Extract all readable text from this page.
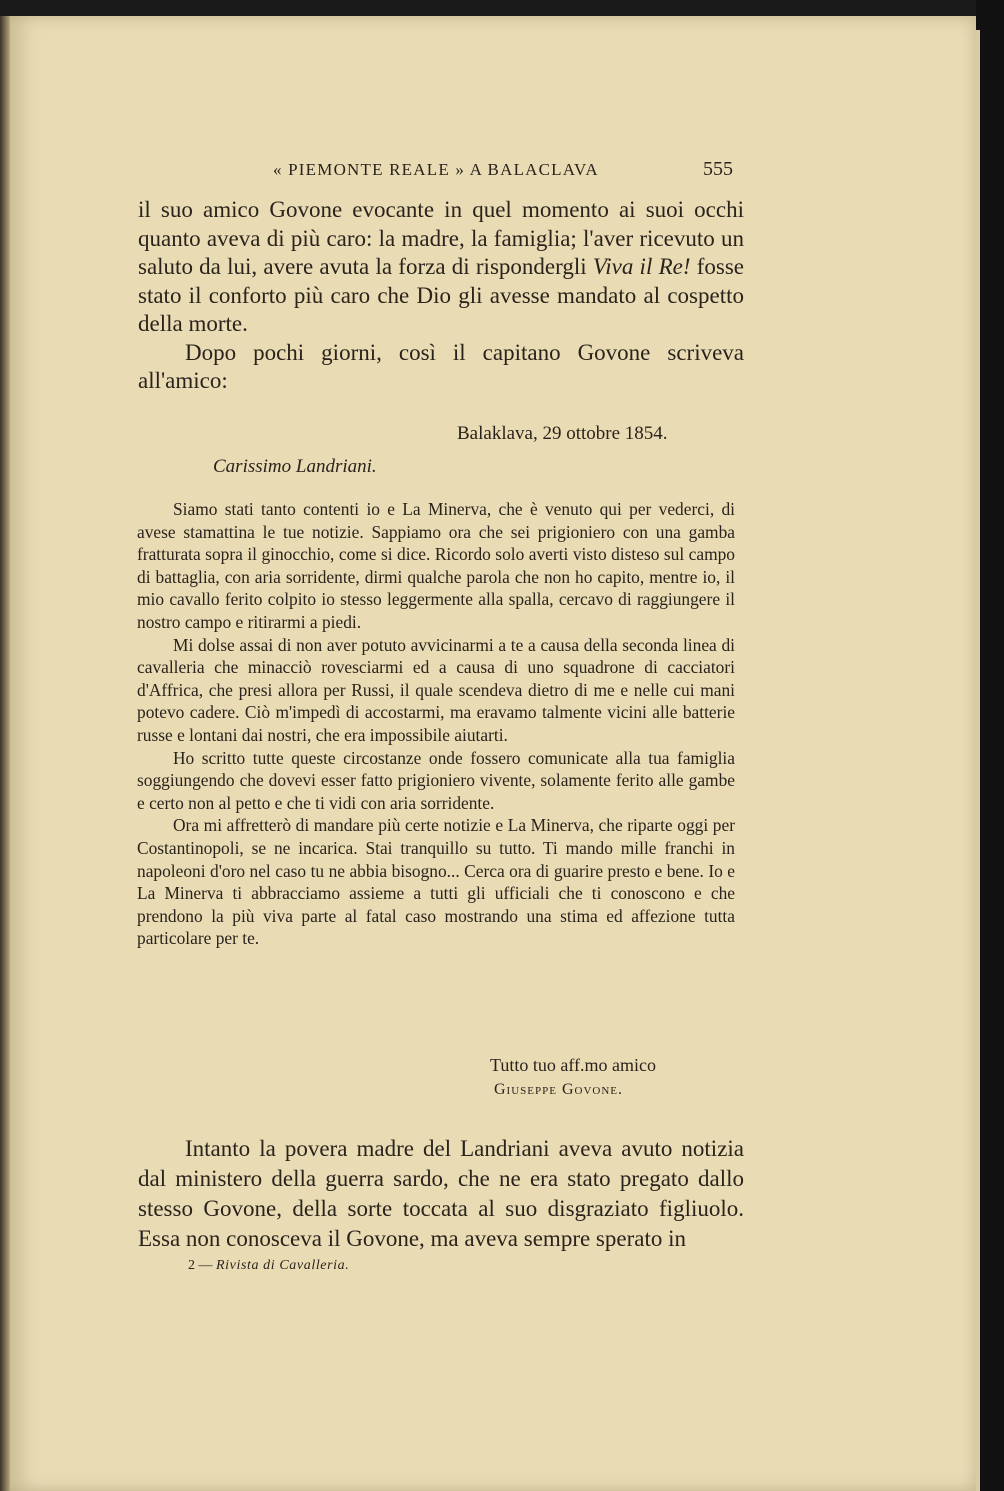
« PIEMONTE REALE » A BALACLAVA	555

il suo amico Govone evocante in quel momento ai suoi occhi quanto aveva di più caro: la madre, la famiglia; l'aver ricevuto un saluto da lui, avere avuta la forza di rispondergli Viva il Re! fosse stato il conforto più caro che Dio gli avesse mandato al cospetto della morte.

Dopo pochi giorni, così il capitano Govone scriveva all'amico:

Balaklava, 29 ottobre 1854.
Carissimo Landriani.

Siamo stati tanto contenti io e La Minerva, che è venuto qui per vederci, di avese stamattina le tue notizie. Sappiamo ora che sei prigioniero con una gamba fratturata sopra il ginocchio, come si dice. Ricordo solo averti visto disteso sul campo di battaglia, con aria sorridente, dirmi qualche parola che non ho capito, mentre io, il mio cavallo ferito colpito io stesso leggermente alla spalla, cercavo di raggiungere il nostro campo e ritirarmi a piedi.

Mi dolse assai di non aver potuto avvicinarmi a te a causa della seconda linea di cavalleria che minacciò rovesciarmi ed a causa di uno squadrone di cacciatori d'Affrica, che presi allora per Russi, il quale scendeva dietro di me e nelle cui mani potevo cadere. Ciò m'impedì di accostarmi, ma eravamo talmente vicini alle batterie russe e lontani dai nostri, che era impossibile aiutarti.

Ho scritto tutte queste circostanze onde fossero comunicate alla tua famiglia soggiungendo che dovevi esser fatto prigioniero vivente, solamente ferito alle gambe e certo non al petto e che ti vidi con aria sorridente.

Ora mi affretterò di mandare più certe notizie e La Minerva, che riparte oggi per Costantinopoli, se ne incarica. Stai tranquillo su tutto. Ti mando mille franchi in napoleoni d'oro nel caso tu ne abbia bisogno... Cerca ora di guarire presto e bene. Io e La Minerva ti abbracciamo assieme a tutti gli ufficiali che ti conoscono e che prendono la più viva parte al fatal caso mostrando una stima ed affezione tutta particolare per te.

Tutto tuo aff.mo amico
Giuseppe Govone.

Intanto la povera madre del Landriani aveva avuto notizia dal ministero della guerra sardo, che ne era stato pregato dallo stesso Govone, della sorte toccata al suo disgraziato figliuolo. Essa non conosceva il Govone, ma aveva sempre sperato in

2 — Rivista di Cavalleria.
